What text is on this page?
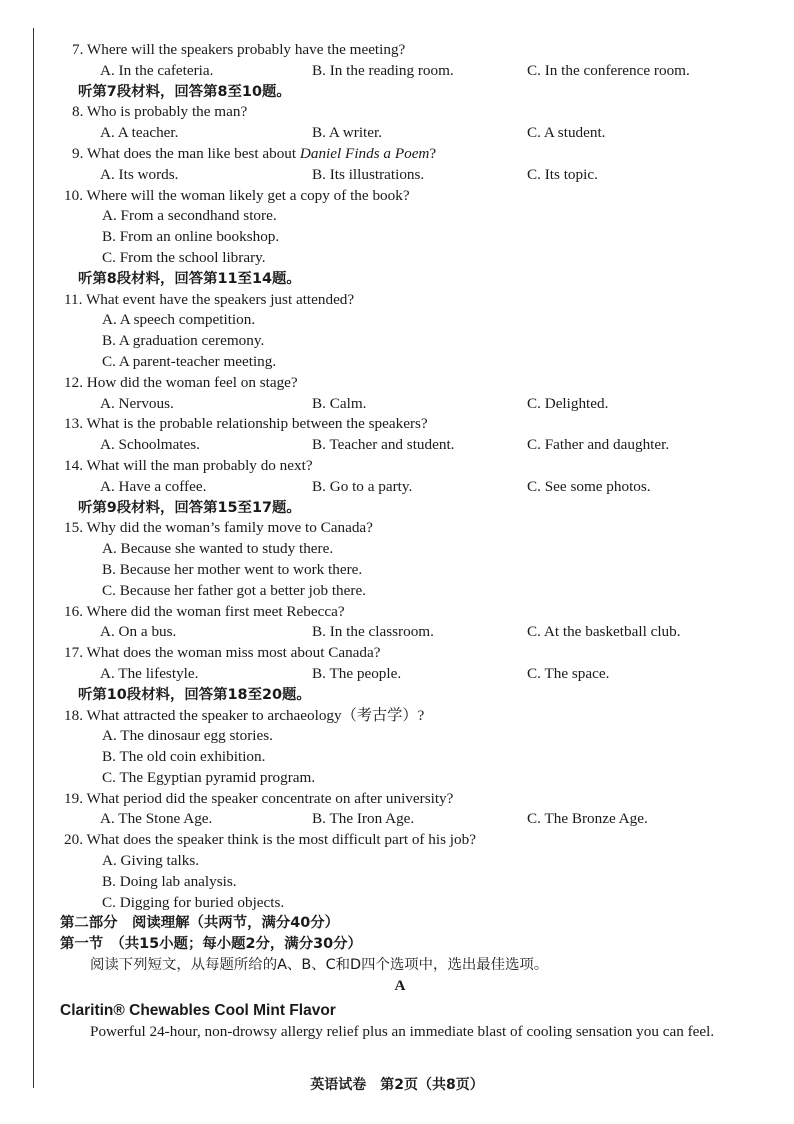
7. Where will the speakers probably have the meeting?
A. In the cafeteria.	B. In the reading room.	C. In the conference room.
听第7段材料，回答第8至10题。
8. Who is probably the man?
A. A teacher.	B. A writer.	C. A student.
9. What does the man like best about Daniel Finds a Poem?
A. Its words.	B. Its illustrations.	C. Its topic.
10. Where will the woman likely get a copy of the book?
A. From a secondhand store.
B. From an online bookshop.
C. From the school library.
听第8段材料，回答第11至14题。
11. What event have the speakers just attended?
A. A speech competition.
B. A graduation ceremony.
C. A parent-teacher meeting.
12. How did the woman feel on stage?
A. Nervous.	B. Calm.	C. Delighted.
13. What is the probable relationship between the speakers?
A. Schoolmates.	B. Teacher and student.	C. Father and daughter.
14. What will the man probably do next?
A. Have a coffee.	B. Go to a party.	C. See some photos.
听第9段材料，回答第15至17题。
15. Why did the woman’s family move to Canada?
A. Because she wanted to study there.
B. Because her mother went to work there.
C. Because her father got a better job there.
16. Where did the woman first meet Rebecca?
A. On a bus.	B. In the classroom.	C. At the basketball club.
17. What does the woman miss most about Canada?
A. The lifestyle.	B. The people.	C. The space.
听第10段材料，回答第18至20题。
18. What attracted the speaker to archaeology（考古学）?
A. The dinosaur egg stories.
B. The old coin exhibition.
C. The Egyptian pyramid program.
19. What period did the speaker concentrate on after university?
A. The Stone Age.	B. The Iron Age.	C. The Bronze Age.
20. What does the speaker think is the most difficult part of his job?
A. Giving talks.
B. Doing lab analysis.
C. Digging for buried objects.
第二部分　阅读理解（共两节，满分40分）
第一节　（共15小题；每小题2分，满分30分）
阅读下列短文，从每题所给的A、B、C和D四个选项中，选出最佳选项。
A
Claritin® Chewables Cool Mint Flavor
Powerful 24-hour, non-drowsy allergy relief plus an immediate blast of cooling sensation you can feel.
英语试卷　第2页（共8页）
